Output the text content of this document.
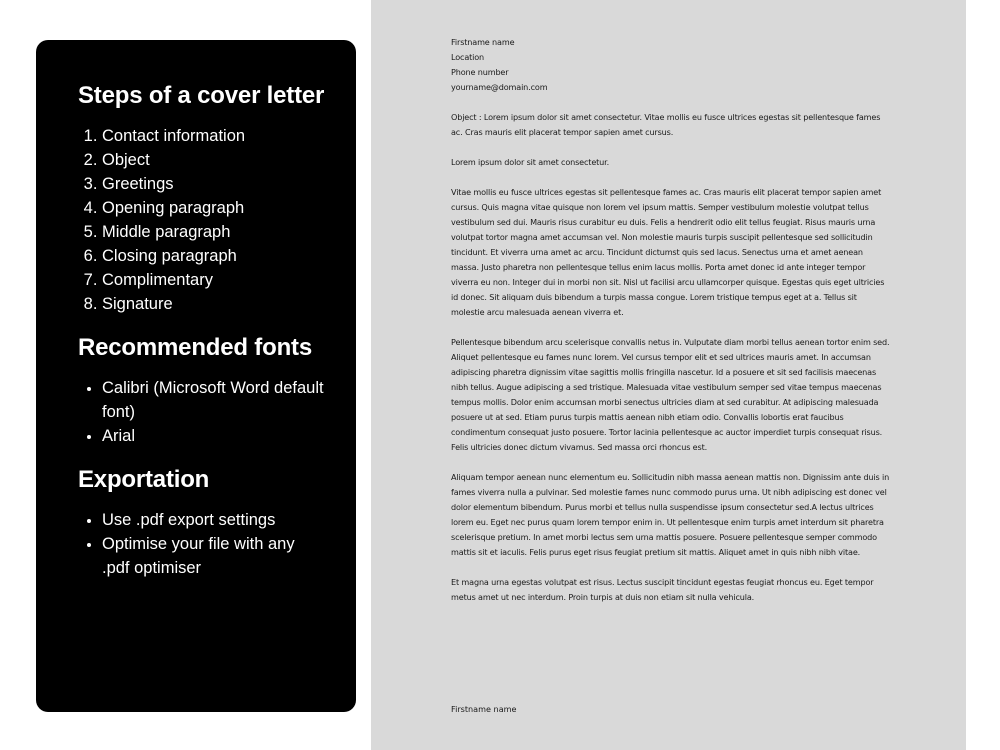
Steps of a cover letter
1. Contact information
2. Object
3. Greetings
4. Opening paragraph
5. Middle paragraph
6. Closing paragraph
7. Complimentary
8. Signature
Recommended fonts
• Calibri (Microsoft Word default font)
• Arial
Exportation
• Use .pdf export settings
• Optimise your file with any .pdf optimiser

Firstname name

Location

Phone number

yourname@domain.com

Object : Lorem ipsum dolor sit amet consectetur. Vitae mollis eu fusce ultrices egestas sit pellentesque fames ac. Cras mauris elit placerat tempor sapien amet cursus.

Lorem ipsum dolor sit amet consectetur.

Vitae mollis eu fusce ultrices egestas sit pellentesque fames ac. Cras mauris elit placerat tempor sapien amet cursus. Quis magna vitae quisque non lorem vel ipsum mattis. Semper vestibulum molestie volutpat tellus vestibulum sed dui. Mauris risus curabitur eu duis. Felis a hendrerit odio elit tellus feugiat. Risus mauris urna volutpat tortor magna amet accumsan vel. Non molestie mauris turpis suscipit pellentesque sed sollicitudin tincidunt. Et viverra urna amet ac arcu. Tincidunt dictumst quis sed lacus. Senectus urna et amet aenean massa. Justo pharetra non pellentesque tellus enim lacus mollis. Porta amet donec id ante integer tempor viverra eu non. Integer dui in morbi non sit. Nisl ut facilisi arcu ullamcorper quisque. Egestas quis eget ultricies id donec. Sit aliquam duis bibendum a turpis massa congue. Lorem tristique tempus eget at a. Tellus sit molestie arcu malesuada aenean viverra et.

Pellentesque bibendum arcu scelerisque convallis netus in. Vulputate diam morbi tellus aenean tortor enim sed. Aliquet pellentesque eu fames nunc lorem. Vel cursus tempor elit et sed ultrices mauris amet. In accumsan adipiscing pharetra dignissim vitae sagittis mollis fringilla nascetur. Id a posuere et sit sed facilisis maecenas nibh tellus. Augue adipiscing a sed tristique. Malesuada vitae vestibulum semper sed vitae tempus maecenas tempus mollis. Dolor enim accumsan morbi senectus ultricies diam at sed curabitur. At adipiscing malesuada posuere ut at sed. Etiam purus turpis mattis aenean nibh etiam odio. Convallis lobortis erat faucibus condimentum consequat justo posuere. Tortor lacinia pellentesque ac auctor imperdiet turpis consequat risus. Felis ultricies donec dictum vivamus. Sed massa orci rhoncus est.

Aliquam tempor aenean nunc elementum eu. Sollicitudin nibh massa aenean mattis non. Dignissim ante duis in fames viverra nulla a pulvinar. Sed molestie fames nunc commodo purus urna. Ut nibh adipiscing est donec vel dolor elementum bibendum. Purus morbi et tellus nulla suspendisse ipsum consectetur sed.A lectus ultrices lorem eu. Eget nec purus quam lorem tempor enim in. Ut pellentesque enim turpis amet interdum sit pharetra scelerisque pretium. In amet morbi lectus sem urna mattis posuere. Posuere pellentesque semper commodo mattis sit et iaculis. Felis purus eget risus feugiat pretium sit mattis. Aliquet amet in quis nibh nibh vitae.

Et magna urna egestas volutpat est risus. Lectus suscipit tincidunt egestas feugiat rhoncus eu. Eget tempor metus amet ut nec interdum. Proin turpis at duis non etiam sit nulla vehicula.

Firstname name
